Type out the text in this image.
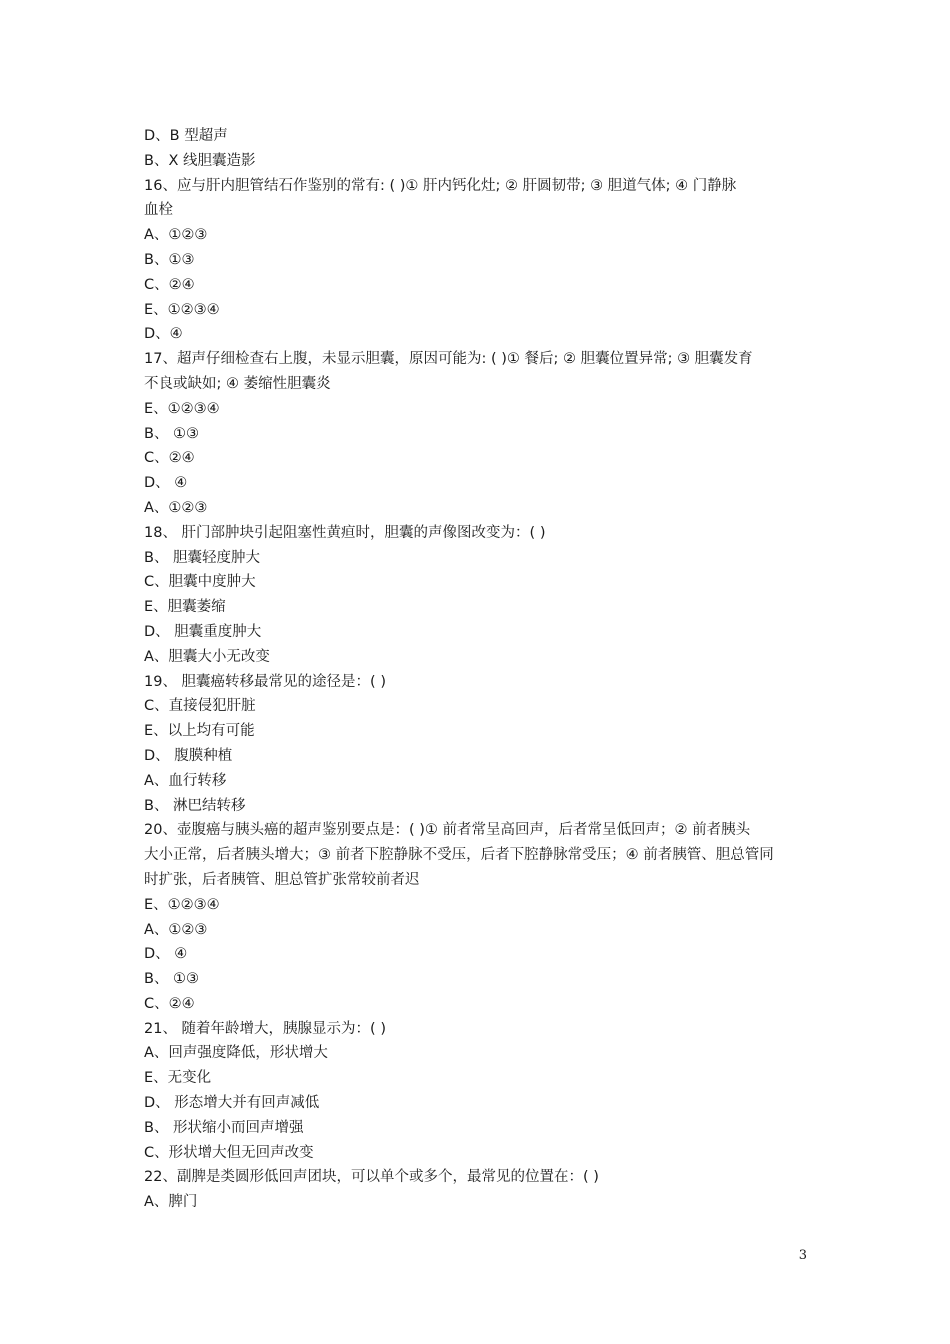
D、B 型超声
B、X 线胆囊造影
16、应与肝内胆管结石作鉴别的常有: ( )① 肝内钙化灶; ② 肝圆韧带; ③ 胆道气体; ④ 门静脉
血栓
A、①②③
B、①③
C、②④
E、①②③④
D、④
17、超声仔细检查右上腹，未显示胆囊，原因可能为: ( )① 餐后; ② 胆囊位置异常; ③ 胆囊发育
不良或缺如; ④ 萎缩性胆囊炎
E、①②③④
B、 ①③
C、②④
D、 ④
A、①②③
18、 肝门部肿块引起阻塞性黄疸时，胆囊的声像图改变为：( )
B、 胆囊轻度肿大
C、胆囊中度肿大
E、胆囊萎缩
D、 胆囊重度肿大
A、胆囊大小无改变
19、 胆囊癌转移最常见的途径是：( )
C、直接侵犯肝脏
E、以上均有可能
D、 腹膜种植
A、血行转移
B、 淋巴结转移
20、壶腹癌与胰头癌的超声鉴别要点是：( )① 前者常呈高回声，后者常呈低回声；② 前者胰头
大小正常，后者胰头增大；③ 前者下腔静脉不受压，后者下腔静脉常受压；④ 前者胰管、胆总管同
时扩张，后者胰管、胆总管扩张常较前者迟
E、①②③④
A、①②③
D、 ④
B、 ①③
C、②④
21、 随着年龄增大，胰腺显示为：( )
A、回声强度降低，形状增大
E、无变化
D、 形态增大并有回声减低
B、 形状缩小而回声增强
C、形状增大但无回声改变
22、副脾是类圆形低回声团块，可以单个或多个，最常见的位置在：( )
A、脾门
3
